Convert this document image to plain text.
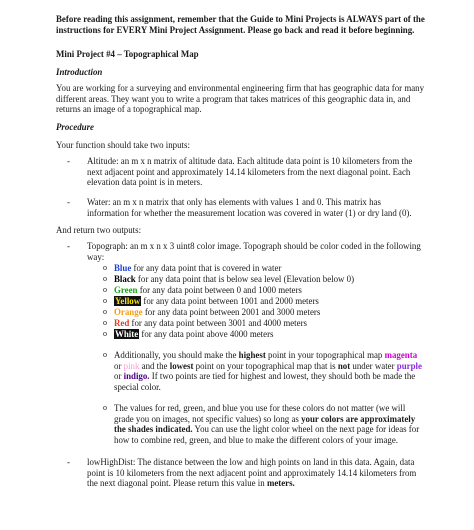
Before reading this assignment, remember that the Guide to Mini Projects is ALWAYS part of the
instructions for EVERY Mini Project Assignment. Please go back and read it before beginning.

Mini Project #4 – Topographical Map

Introduction

You are working for a surveying and environmental engineering firm that has geographic data for many different areas. They want you to write a program that takes matrices of this geographic data in, and returns an image of a topographical map.

Procedure

Your function should take two inputs:

- Altitude: an m x n matrix of altitude data. Each altitude data point is 10 kilometers from the next adjacent point and approximately 14.14 kilometers from the next diagonal point. Each elevation data point is in meters.

- Water: an m x n matrix that only has elements with values 1 and 0. This matrix has information for whether the measurement location was covered in water (1) or dry land (0).

And return two outputs:

- Topograph: an m x n x 3 uint8 color image. Topograph should be color coded in the following way:

o Blue for any data point that is covered in water

o Black for any data point that is below sea level (Elevation below 0)

o Green for any data point between 0 and 1000 meters

o Yellow for any data point between 1001 and 2000 meters

o Orange for any data point between 2001 and 3000 meters

o Red for any data point between 3001 and 4000 meters

o White for any data point above 4000 meters

o Additionally, you should make the highest point in your topographical map magenta or pink and the lowest point on your topographical map that is not under water purple or indigo. If two points are tied for highest and lowest, they should both be made the special color.

o The values for red, green, and blue you use for these colors do not matter (we will grade you on images, not specific values) so long as your colors are approximately the shades indicated. You can use the light color wheel on the next page for ideas for how to combine red, green, and blue to make the different colors of your image.

- lowHighDist: The distance between the low and high points on land in this data. Again, data point is 10 kilometers from the next adjacent point and approximately 14.14 kilometers from the next diagonal point. Please return this value in meters.
